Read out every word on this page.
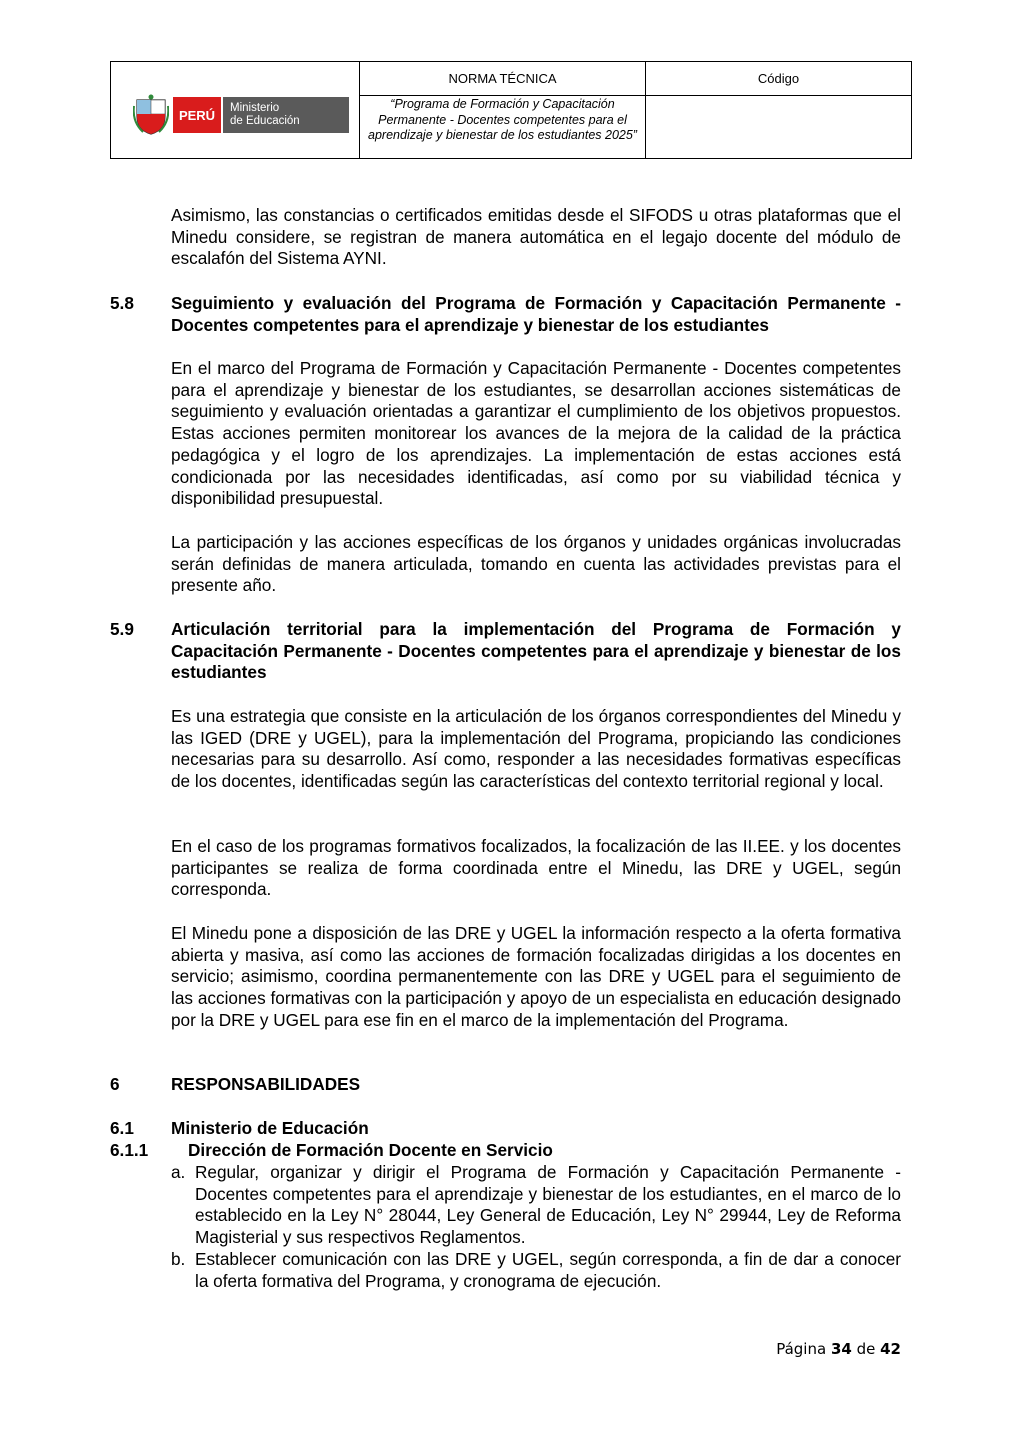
PERÚ	Ministerio
de Educación
NORMA TÉCNICA
“Programa de Formación y Capacitación Permanente - Docentes competentes para el aprendizaje y bienestar de los estudiantes 2025”
Código
Asimismo, las constancias o certificados emitidas desde el SIFODS u otras plataformas que el Minedu considere, se registran de manera automática en el legajo docente del módulo de escalafón del Sistema AYNI.
5.8 Seguimiento y evaluación del Programa de Formación y Capacitación Permanente - Docentes competentes para el aprendizaje y bienestar de los estudiantes
En el marco del Programa de Formación y Capacitación Permanente - Docentes competentes para el aprendizaje y bienestar de los estudiantes, se desarrollan acciones sistemáticas de seguimiento y evaluación orientadas a garantizar el cumplimiento de los objetivos propuestos. Estas acciones permiten monitorear los avances de la mejora de la calidad de la práctica pedagógica y el logro de los aprendizajes. La implementación de estas acciones está condicionada por las necesidades identificadas, así como por su viabilidad técnica y disponibilidad presupuestal.
La participación y las acciones específicas de los órganos y unidades orgánicas involucradas serán definidas de manera articulada, tomando en cuenta las actividades previstas para el presente año.
5.9 Articulación territorial para la implementación del Programa de Formación y Capacitación Permanente - Docentes competentes para el aprendizaje y bienestar de los estudiantes
Es una estrategia que consiste en la articulación de los órganos correspondientes del Minedu y las IGED (DRE y UGEL), para la implementación del Programa, propiciando las condiciones necesarias para su desarrollo. Así como, responder a las necesidades formativas específicas de los docentes, identificadas según las características del contexto territorial regional y local.
En el caso de los programas formativos focalizados, la focalización de las II.EE. y los docentes participantes se realiza de forma coordinada entre el Minedu, las DRE y UGEL, según corresponda.
El Minedu pone a disposición de las DRE y UGEL la información respecto a la oferta formativa abierta y masiva, así como las acciones de formación focalizadas dirigidas a los docentes en servicio; asimismo, coordina permanentemente con las DRE y UGEL para el seguimiento de las acciones formativas con la participación y apoyo de un especialista en educación designado por la DRE y UGEL para ese fin en el marco de la implementación del Programa.
6	RESPONSABILIDADES
6.1 Ministerio de Educación
6.1.1 Dirección de Formación Docente en Servicio
a. Regular, organizar y dirigir el Programa de Formación y Capacitación Permanente - Docentes competentes para el aprendizaje y bienestar de los estudiantes, en el marco de lo establecido en la Ley N° 28044, Ley General de Educación, Ley N° 29944, Ley de Reforma Magisterial y sus respectivos Reglamentos.
b. Establecer comunicación con las DRE y UGEL, según corresponda, a fin de dar a conocer la oferta formativa del Programa, y cronograma de ejecución.
Página 34 de 42
